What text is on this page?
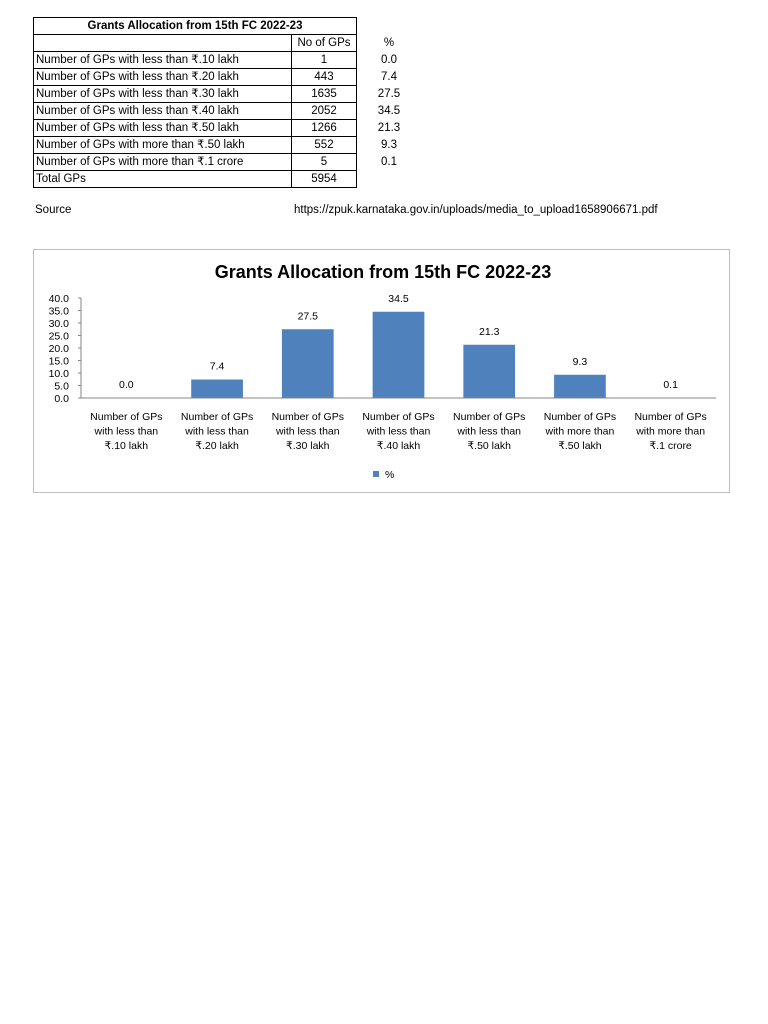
Grants Allocation from 15th FC 2022-23		
	No of GPs	%
Number of GPs with less than ₹.10 lakh	1	0.0
Number of GPs with less than ₹.20 lakh	443	7.4
Number of GPs with less than ₹.30 lakh	1635	27.5
Number of GPs with less than ₹.40 lakh	2052	34.5
Number of GPs with less than ₹.50 lakh	1266	21.3
Number of GPs with more than ₹.50 lakh	552	9.3
Number of GPs with more than ₹.1 crore	5	0.1
Total GPs	5954	
Source	https://zpuk.karnataka.gov.in/uploads/media_to_upload1658906671.pdf
Grants Allocation from 15th FC 2022-23
0.0
5.0
10.0
15.0
20.0
25.0
30.0
35.0
40.0
0.0
7.4
27.5
34.5
21.3
9.3
0.1
Number of GPs
with less than
₹.10 lakh
Number of GPs
with less than
₹.20 lakh
Number of GPs
with less than
₹.30 lakh
Number of GPs
with less than
₹.40 lakh
Number of GPs
with less than
₹.50 lakh
Number of GPs
with more than
₹.50 lakh
Number of GPs
with more than
₹.1 crore
%
